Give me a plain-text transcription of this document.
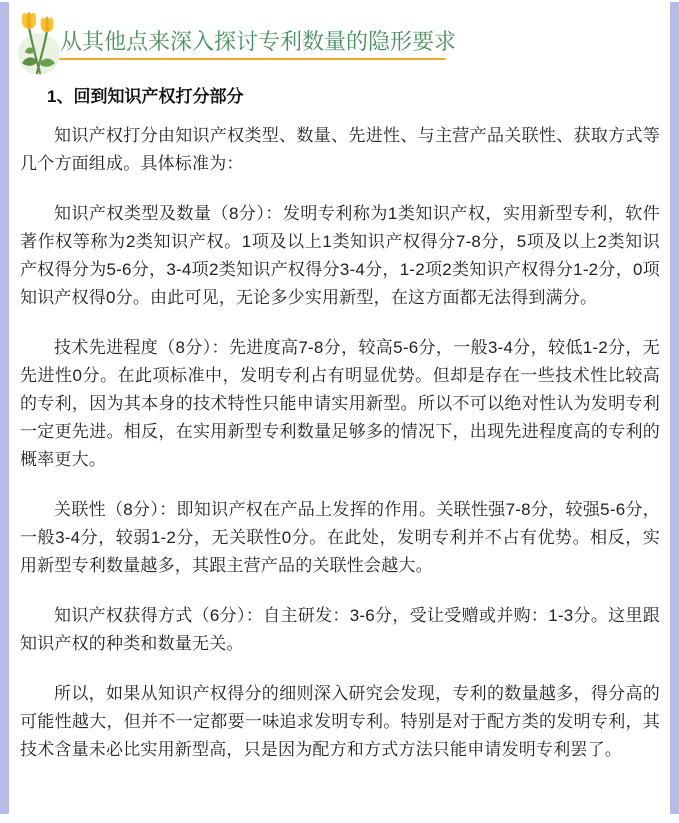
从其他点来深入探讨专利数量的隐形要求
1、回到知识产权打分部分

知识产权打分由知识产权类型、数量、先进性、与主营产品关联性、获取方式等几个方面组成。具体标准为：

知识产权类型及数量（8分）：发明专利称为1类知识产权，实用新型专利，软件著作权等称为2类知识产权。1项及以上1类知识产权得分7-8分，5项及以上2类知识产权得分为5-6分，3-4项2类知识产权得分3-4分，1-2项2类知识产权得分1-2分，0项知识产权得0分。由此可见，无论多少实用新型，在这方面都无法得到满分。

技术先进程度（8分）：先进度高7-8分，较高5-6分，一般3-4分，较低1-2分，无先进性0分。在此项标准中，发明专利占有明显优势。但却是存在一些技术性比较高的专利，因为其本身的技术特性只能申请实用新型。所以不可以绝对性认为发明专利一定更先进。相反，在实用新型专利数量足够多的情况下，出现先进程度高的专利的概率更大。

关联性（8分）：即知识产权在产品上发挥的作用。关联性强7-8分，较强5-6分，一般3-4分，较弱1-2分，无关联性0分。在此处，发明专利并不占有优势。相反，实用新型专利数量越多，其跟主营产品的关联性会越大。

知识产权获得方式（6分）：自主研发：3-6分，受让受赠或并购：1-3分。这里跟知识产权的种类和数量无关。

所以，如果从知识产权得分的细则深入研究会发现，专利的数量越多，得分高的可能性越大，但并不一定都要一味追求发明专利。特别是对于配方类的发明专利，其技术含量未必比实用新型高，只是因为配方和方式方法只能申请发明专利罢了。
